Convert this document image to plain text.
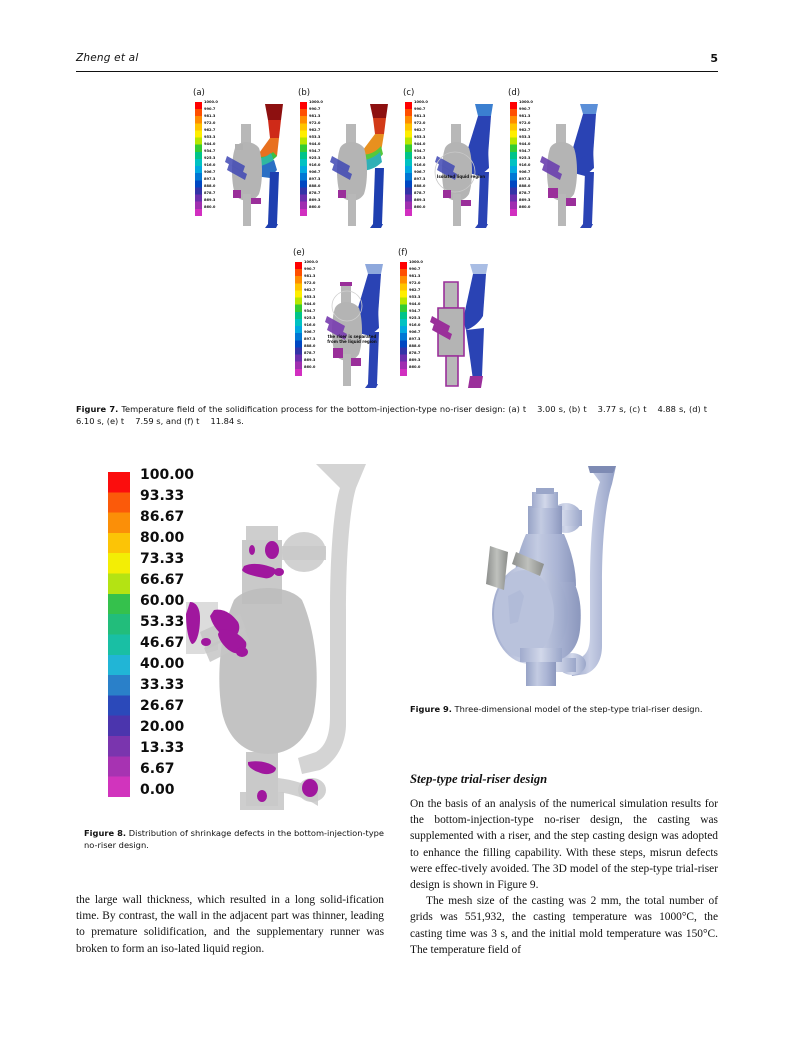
Zheng et al	5
(a)
1000.0
990.7
981.3
972.0
962.7
953.3
944.0
934.7
925.3
916.0
906.7
897.3
888.0
878.7
869.3
860.0
(b)
1000.0
990.7
981.3
972.0
962.7
953.3
944.0
934.7
925.3
916.0
906.7
897.3
888.0
878.7
869.3
860.0
(c)
1000.0
990.7
981.3
972.0
962.7
953.3
944.0
934.7
925.3
916.0
906.7
897.3
888.0
878.7
869.3
860.0
Isolated liquid region
(d)
1000.0
990.7
981.3
972.0
962.7
953.3
944.0
934.7
925.3
916.0
906.7
897.3
888.0
878.7
869.3
860.0
(e)
1000.0
990.7
981.3
972.0
962.7
953.3
944.0
934.7
925.3
916.0
906.7
897.3
888.0
878.7
869.3
860.0
the riser is separated from the liquid region
(f)
1000.0
990.7
981.3
972.0
962.7
953.3
944.0
934.7
925.3
916.0
906.7
897.3
888.0
878.7
869.3
860.0
Figure 7. Temperature field of the solidification process for the bottom-injection-type no-riser design: (a) t 3.00 s, (b) t 3.77 s, (c) t 4.88 s, (d) t6.10 s, (e) t 7.59 s, and (f) t 11.84 s.
100.00
93.33
86.67
80.00
73.33
66.67
60.00
53.33
46.67
40.00
33.33
26.67
20.00
13.33
6.67
0.00
Figure 8. Distribution of shrinkage defects in the bottom-injection-type no-riser design.
Figure 9. Three-dimensional model of the step-type trial-riser design.

the large wall thickness, which resulted in a long solid-ification time. By contrast, the wall in the adjacent part was thinner, leading to premature solidification, and the supplementary runner was broken to form an iso-lated liquid region.

Step-type trial-riser design

On the basis of an analysis of the numerical simulation results for the bottom-injection-type no-riser design, the casting was supplemented with a riser, and the step casting design was adopted to enhance the filling capability. With these steps, misrun defects were effec-tively avoided. The 3D model of the step-type trial-riser design is shown in Figure 9.

The mesh size of the casting was 2 mm, the total number of grids was 551,932, the casting temperature was 1000°C, the casting time was 3 s, and the initial mold temperature was 150°C. The temperature field of
